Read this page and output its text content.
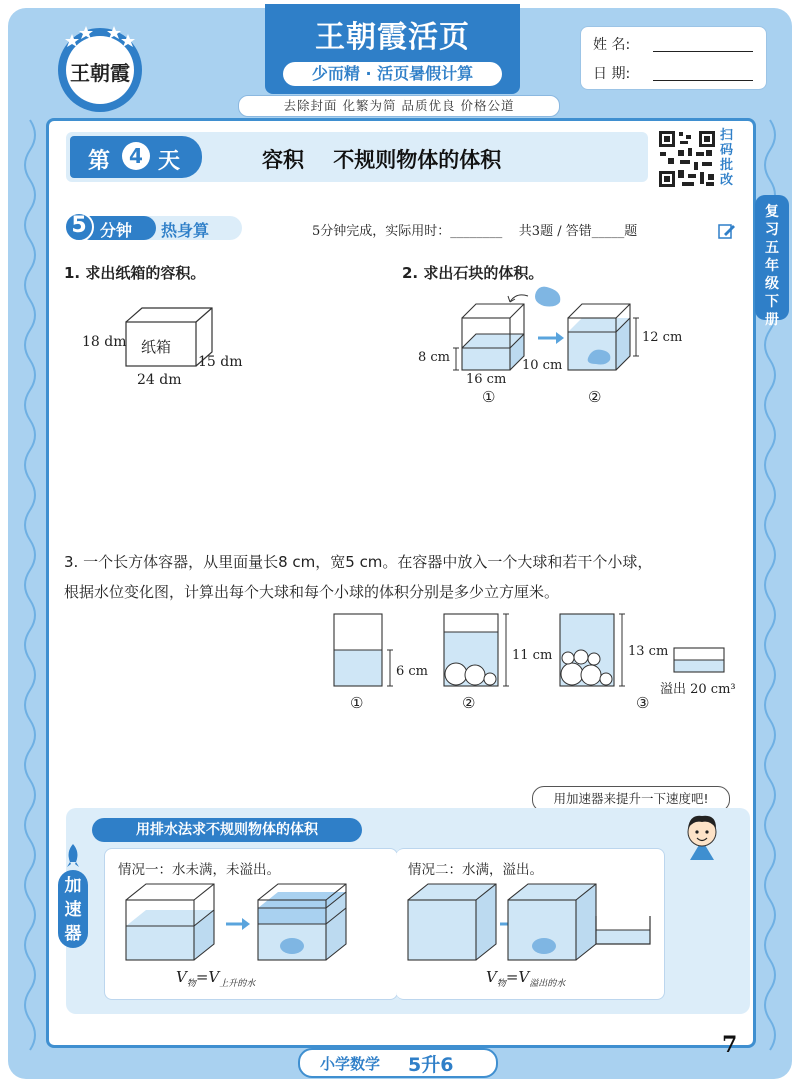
王朝霞
王朝霞活页
少而精 · 活页暑假计算
去除封面 化繁为简 品质优良 价格公道
姓 名:
日 期:
第 4 天	容积    不规则物体的体积
扫码批改
复习五年级下册
5 分钟 热身算	5分钟完成，实际用时：________    共3题 / 答错_____题
1. 求出纸箱的容积。
纸箱
18 dm
24 dm
15 dm
2. 求出石块的体积。
8 cm
16 cm
10 cm
12 cm
①	②
3. 一个长方体容器，从里面量长8 cm，宽5 cm。在容器中放入一个大球和若干个小球，
根据水位变化图，计算出每个大球和每个小球的体积分别是多少立方厘米。
6 cm
11 cm	13 cm
溢出 20 cm³
①	②	③
用加速器来提升一下速度吧!
用排水法求不规则物体的体积
加速器
情况一：水未满，未溢出。
$V_物=V_{上升的水}$
情况二：水满，溢出。
$V_物=V_{溢出的水}$
小学数学 5升6
7
